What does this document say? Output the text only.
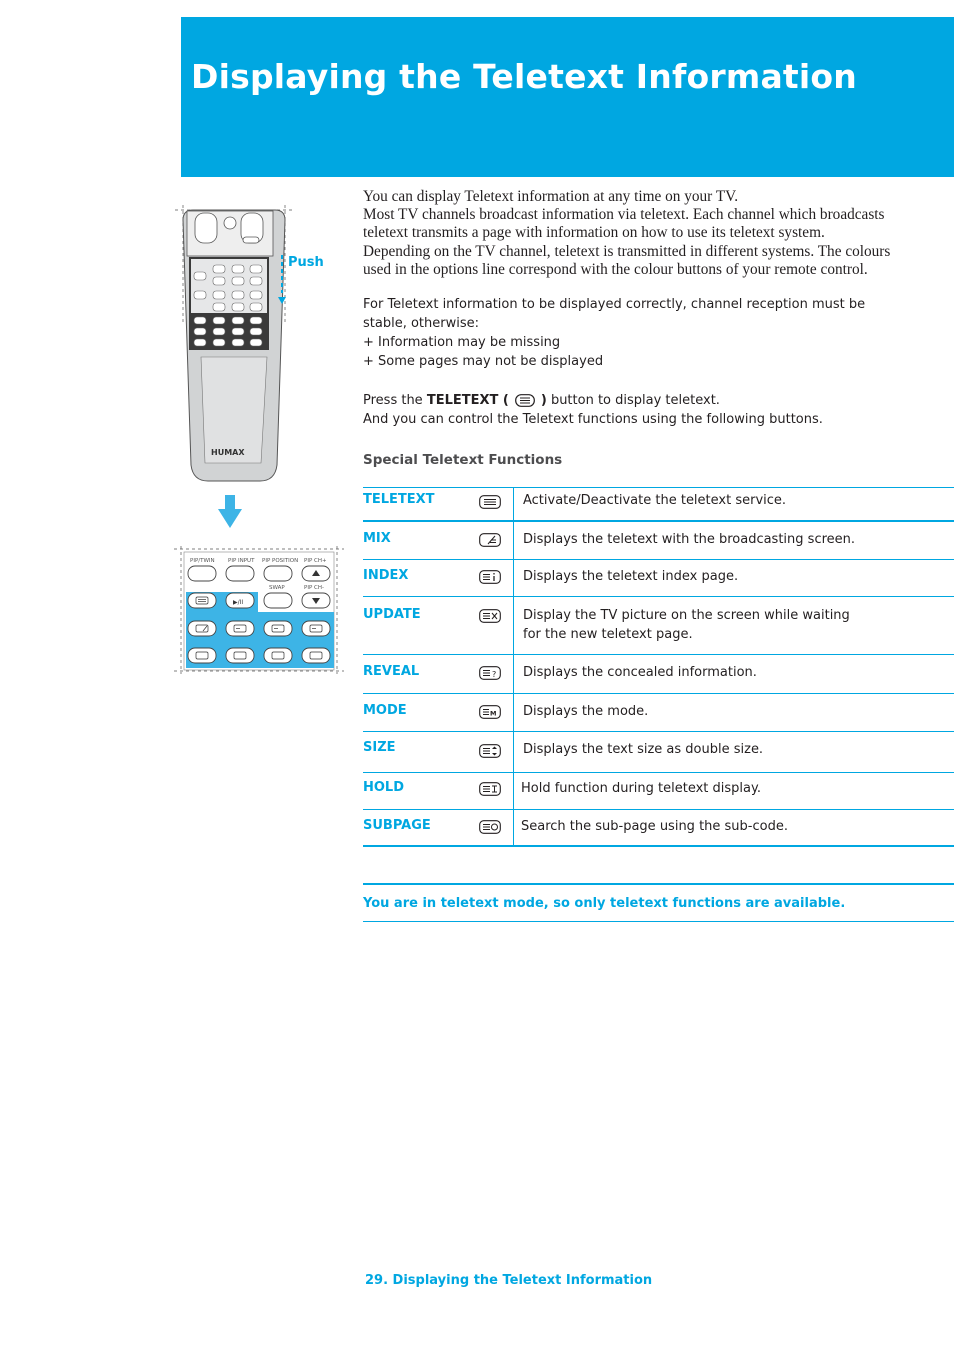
Displaying the Teletext Information
HUMAX
Push
PIP/TWIN PIP INPUT PIP POSITION PIP CH+
SWAP	PIP CH-
▶/II

You can display Teletext information at any time on your TV.

Most TV channels broadcast information via teletext. Each channel which broadcasts

teletext transmits a page with information on how to use its teletext system.

Depending on the TV channel, teletext is transmitted in different systems. The colours

used in the options line correspond with the colour buttons of your remote control.

For Teletext information to be displayed correctly, channel reception must be

stable, otherwise:

+ Information may be missing

+ Some pages may not be displayed

Press the TELETEXT ( ) button to display teletext.

And you can control the Teletext functions using the following buttons.

Special Teletext Functions
TELETEXT	Activate/Deactivate the teletext service.
MIX	Displays the teletext with the broadcasting screen.
INDEX	Displays the teletext index page.
UPDATE	Display the TV picture on the screen while waiting
for the new teletext page.
REVEAL	? Displays the concealed information.
MODE	M Displays the mode.
SIZE	Displays the text size as double size.
HOLD	Hold function during teletext display.
SUBPAGE	Search the sub-page using the sub-code.
You are in teletext mode, so only teletext functions are available.
29. Displaying the Teletext Information
